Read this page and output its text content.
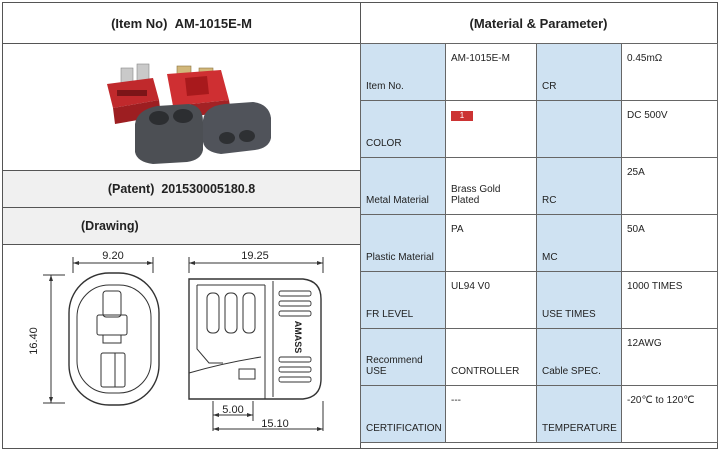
(Item No)
AM-1015E-M
(Patent)
201530005180.8
(Drawing)
9.20
16.40
19.25
AMASS
5.00
15.10
(Material & Parameter)
Item No.	AM-1015E-M	CR	0.45mΩ
COLOR	1		DC 500V
Metal Material	Brass Gold Plated	RC	25A
Plastic Material	PA	MC	50A
FR LEVEL	UL94 V0	USE TIMES	1000 TIMES
Recommend USE	CONTROLLER	Cable SPEC.	12AWG
CERTIFICATION	---	TEMPERATURE	-20℃ to 120℃
